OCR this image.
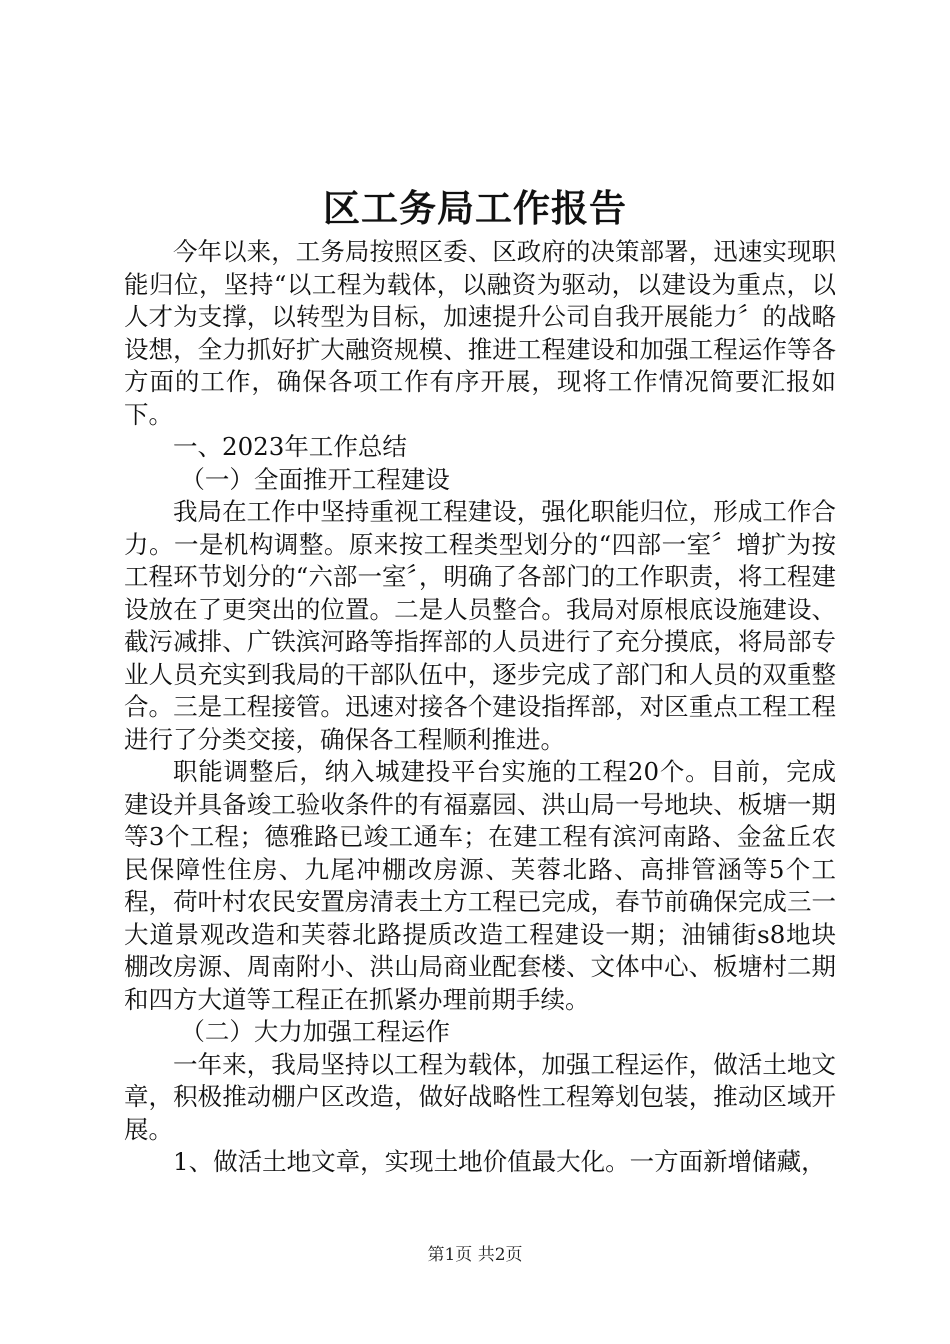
区工务局工作报告

今年以来，工务局按照区委、区政府的决策部署，迅速实现职能归位，坚持“以工程为载体，以融资为驱动，以建设为重点，以人才为支撑，以转型为目标，加速提升公司自我开展能力〞的战略设想，全力抓好扩大融资规模、推进工程建设和加强工程运作等各方面的工作，确保各项工作有序开展，现将工作情况简要汇报如下。

一、2023年工作总结

（一）全面推开工程建设

我局在工作中坚持重视工程建设，强化职能归位，形成工作合力。一是机构调整。原来按工程类型划分的“四部一室〞增扩为按工程环节划分的“六部一室〞，明确了各部门的工作职责，将工程建设放在了更突出的位置。二是人员整合。我局对原根底设施建设、截污减排、广铁滨河路等指挥部的人员进行了充分摸底，将局部专业人员充实到我局的干部队伍中，逐步完成了部门和人员的双重整合。三是工程接管。迅速对接各个建设指挥部，对区重点工程工程进行了分类交接，确保各工程顺利推进。

职能调整后，纳入城建投平台实施的工程20个。目前，完成建设并具备竣工验收条件的有福嘉园、洪山局一号地块、板塘一期等3个工程；德雅路已竣工通车；在建工程有滨河南路、金盆丘农民保障性住房、九尾冲棚改房源、芙蓉北路、高排管涵等5个工程，荷叶村农民安置房清表土方工程已完成，春节前确保完成三一大道景观改造和芙蓉北路提质改造工程建设一期；油铺街s8地块棚改房源、周南附小、洪山局商业配套楼、文体中心、板塘村二期和四方大道等工程正在抓紧办理前期手续。

（二）大力加强工程运作

一年来，我局坚持以工程为载体，加强工程运作，做活土地文章，积极推动棚户区改造，做好战略性工程筹划包装，推动区域开展。

1、做活土地文章，实现土地价值最大化。一方面新增储藏，

第1页 共2页
